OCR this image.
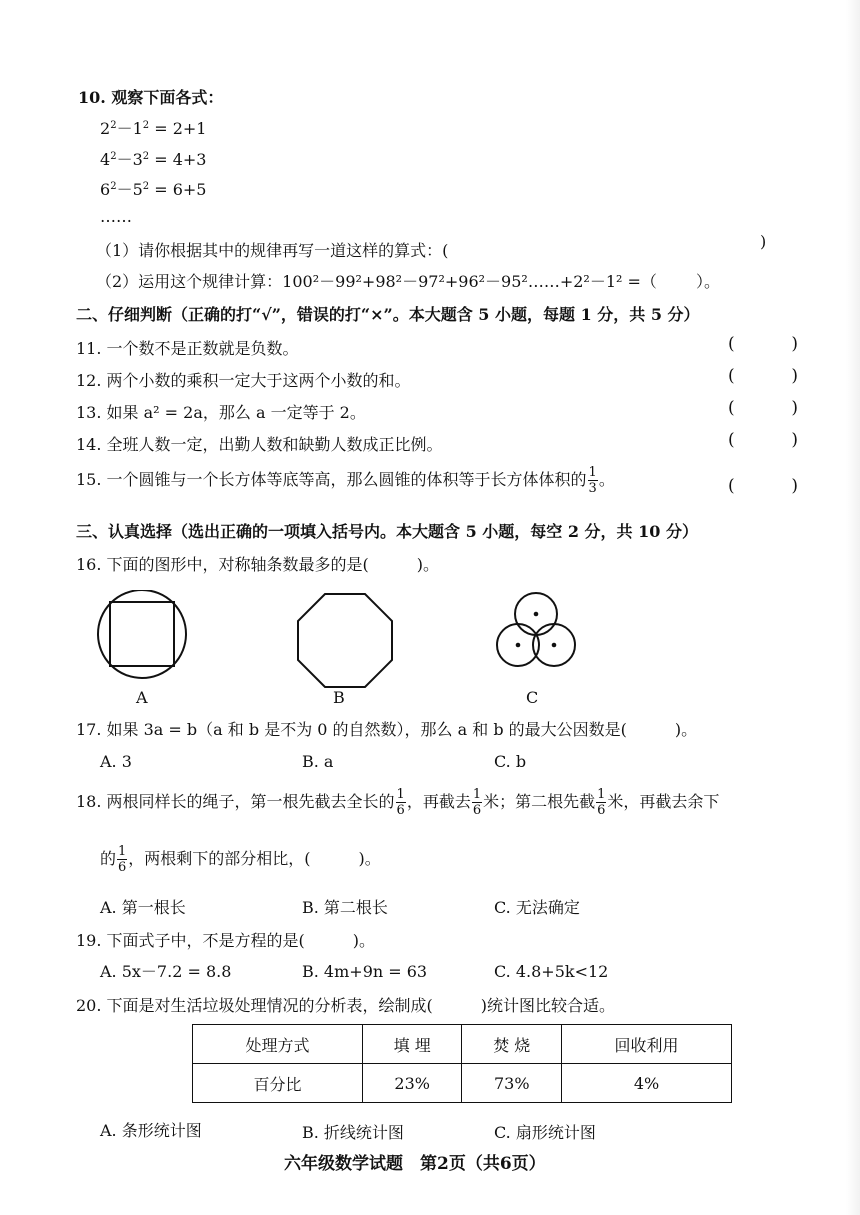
10. 观察下面各式：
$2^2-1^2 = 2+1$
$4^2-3^2 = 4+3$
$6^2-5^2 = 6+5$
……
（1）请你根据其中的规律再写一道这样的算式：(	)
（2）运用这个规律计算：100²－99²+98²－97²+96²－95²……+2²－1² =（ ）。
二、仔细判断（正确的打“√”，错误的打“×”。本大题含 5 小题，每题 1 分，共 5 分）
11. 一个数不是正数就是负数。	(	)
12. 两个小数的乘积一定大于这两个小数的和。	(	)
13. 如果 a² = 2a，那么 a 一定等于 2。	(	)
14. 全班人数一定，出勤人数和缺勤人数成正比例。	(	)
15. 一个圆锥与一个长方体等底等高，那么圆锥的体积等于长方体体积的 $\frac{1}{3}$ 。	(	)
三、认真选择（选出正确的一项填入括号内。本大题含 5 小题，每空 2 分，共 10 分）
16. 下面的图形中，对称轴条数最多的是(　　　)。
A	B	C
17. 如果 3a = b（a 和 b 是不为 0 的自然数），那么 a 和 b 的最大公因数是(　　　)。
A. 3	B. a	C. b
18. 两根同样长的绳子，第一根先截去全长的 $\frac{1}{6}$ ，再截去 $\frac{1}{6}$ 米；第二根先截 $\frac{1}{6}$ 米，再截去余下
的 $\frac{1}{6}$ ，两根剩下的部分相比，(　　　)。
A. 第一根长	B. 第二根长	C. 无法确定
19. 下面式子中，不是方程的是(　　　)。
A. 5x－7.2 = 8.8	B. 4m+9n = 63	C. 4.8+5k<12
20. 下面是对生活垃圾处理情况的分析表，绘制成(　　　)统计图比较合适。
处理方式	填 埋	焚 烧	回收利用
百分比	23%	73%	4%
A. 条形统计图	B. 折线统计图	C. 扇形统计图
六年级数学试题　第2页（共6页）
